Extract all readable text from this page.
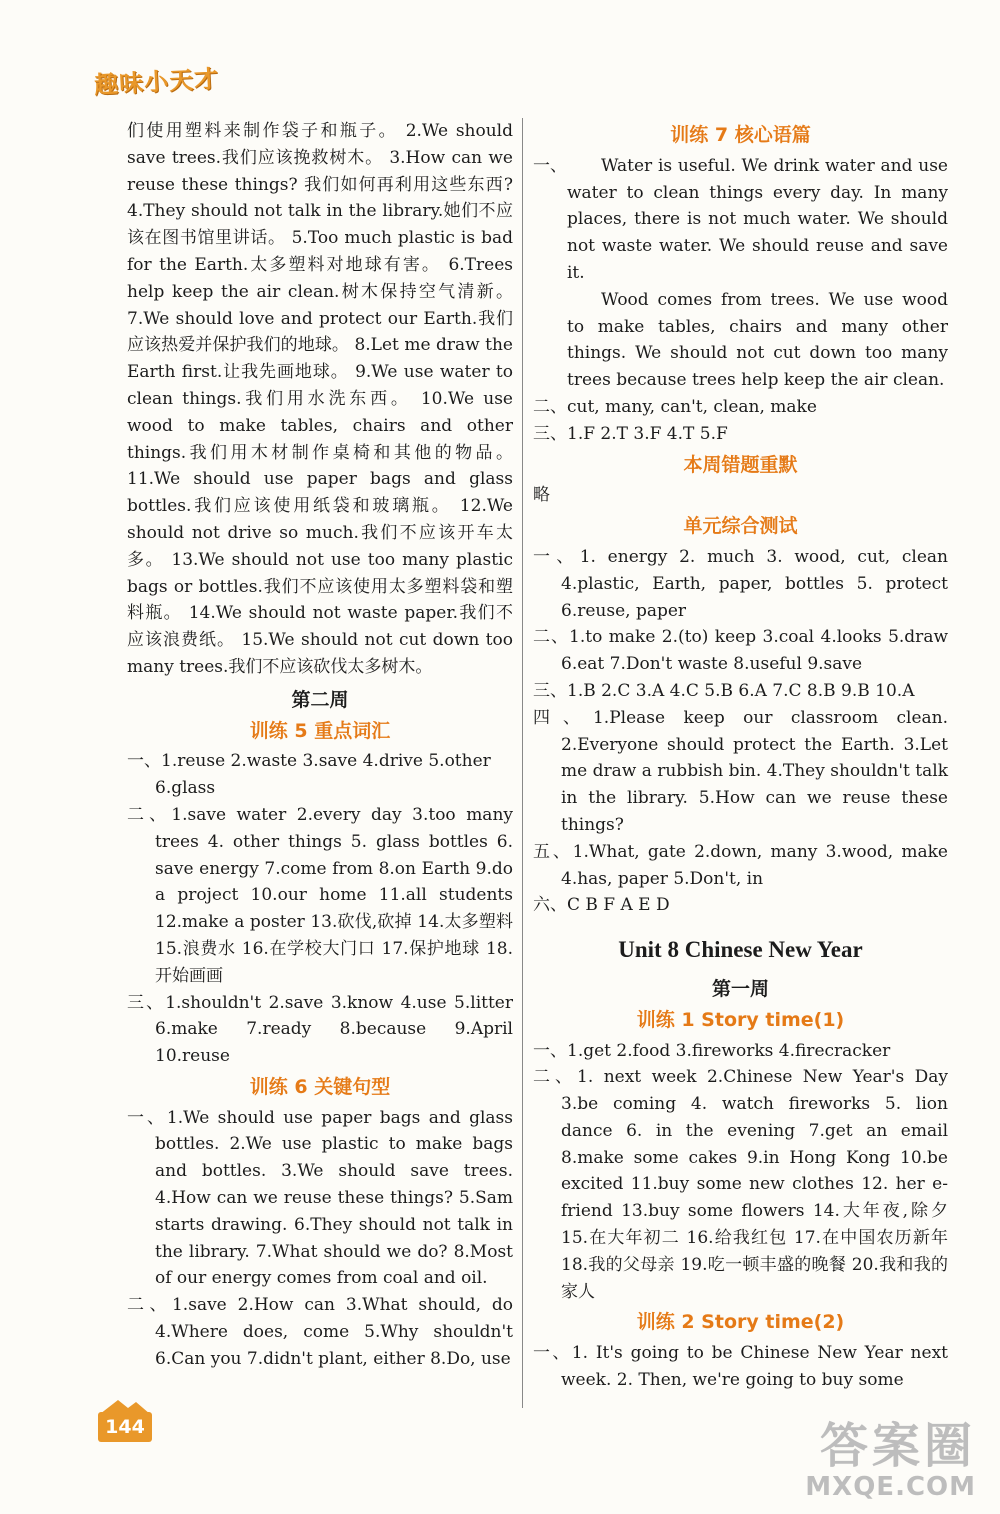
趣味小天才

们使用塑料来制作袋子和瓶子。 2.We should save trees.我们应该挽救树木。 3.How can we reuse these things? 我们如何再利用这些东西? 4.They should not talk in the library.她们不应该在图书馆里讲话。 5.Too much plastic is bad for the Earth.太多塑料对地球有害。 6.Trees help keep the air clean.树木保持空气清新。 7.We should love and protect our Earth.我们应该热爱并保护我们的地球。 8.Let me draw the Earth first.让我先画地球。 9.We use water to clean things.我们用水洗东西。 10.We use wood to make tables, chairs and other things.我们用木材制作桌椅和其他的物品。 11.We should use paper bags and glass bottles.我们应该使用纸袋和玻璃瓶。 12.We should not drive so much.我们不应该开车太多。 13.We should not use too many plastic bags or bottles.我们不应该使用太多塑料袋和塑料瓶。 14.We should not waste paper.我们不应该浪费纸。 15.We should not cut down too many trees.我们不应该砍伐太多树木。

第二周
训练 5 重点词汇

一、1.reuse 2.waste 3.save 4.drive 5.other

6.glass

二、1.save water 2.every day 3.too many trees 4. other things 5. glass bottles 6. save energy 7.come from 8.on Earth 9.do a project 10.our home 11.all students 12.make a poster 13.砍伐,砍掉 14.太多塑料 15.浪费水 16.在学校大门口 17.保护地球 18.开始画画

三、1.shouldn't 2.save 3.know 4.use 5.litter 6.make 7.ready 8.because 9.April 10.reuse

训练 6 关键句型

一、1.We should use paper bags and glass bottles. 2.We use plastic to make bags and bottles. 3.We should save trees. 4.How can we reuse these things? 5.Sam starts drawing. 6.They should not talk in the library. 7.What should we do? 8.Most of our energy comes from coal and oil.

二、1.save 2.How can 3.What should, do 4.Where does, come 5.Why shouldn't 6.Can you 7.didn't plant, either 8.Do, use

训练 7 核心语篇
一、	Water is useful. We drink water and use water to clean things every day. In many places, there is not much water. We should not waste water. We should reuse and save it.

Wood comes from trees. We use wood to make tables, chairs and many other things. We should not cut down too many trees because trees help keep the air clean.

二、cut, many, can't, clean, make

三、1.F 2.T 3.F 4.T 5.F

本周错题重默

略

单元综合测试

一、1. energy 2. much 3. wood, cut, clean 4.plastic, Earth, paper, bottles 5. protect 6.reuse, paper

二、1.to make 2.(to) keep 3.coal 4.looks 5.draw 6.eat 7.Don't waste 8.useful 9.save

三、1.B 2.C 3.A 4.C 5.B 6.A 7.C 8.B 9.B 10.A

四、1.Please keep our classroom clean. 2.Everyone should protect the Earth. 3.Let me draw a rubbish bin. 4.They shouldn't talk in the library. 5.How can we reuse these things?

五、1.What, gate 2.down, many 3.wood, make 4.has, paper 5.Don't, in

六、C B F A E D

Unit 8 Chinese New Year
第一周
训练 1 Story time(1)

一、1.get 2.food 3.fireworks 4.firecracker

二、1. next week 2.Chinese New Year's Day 3.be coming 4. watch fireworks 5. lion dance 6. in the evening 7.get an email 8.make some cakes 9.in Hong Kong 10.be excited 11.buy some new clothes 12. her e-friend 13.buy some flowers 14.大年夜,除夕 15.在大年初二 16.给我红包 17.在中国农历新年 18.我的父母亲 19.吃一顿丰盛的晚餐 20.我和我的家人

训练 2 Story time(2)

一、1. It's going to be Chinese New Year next week. 2. Then, we're going to buy some

144	答案圈
MXQE.COM
